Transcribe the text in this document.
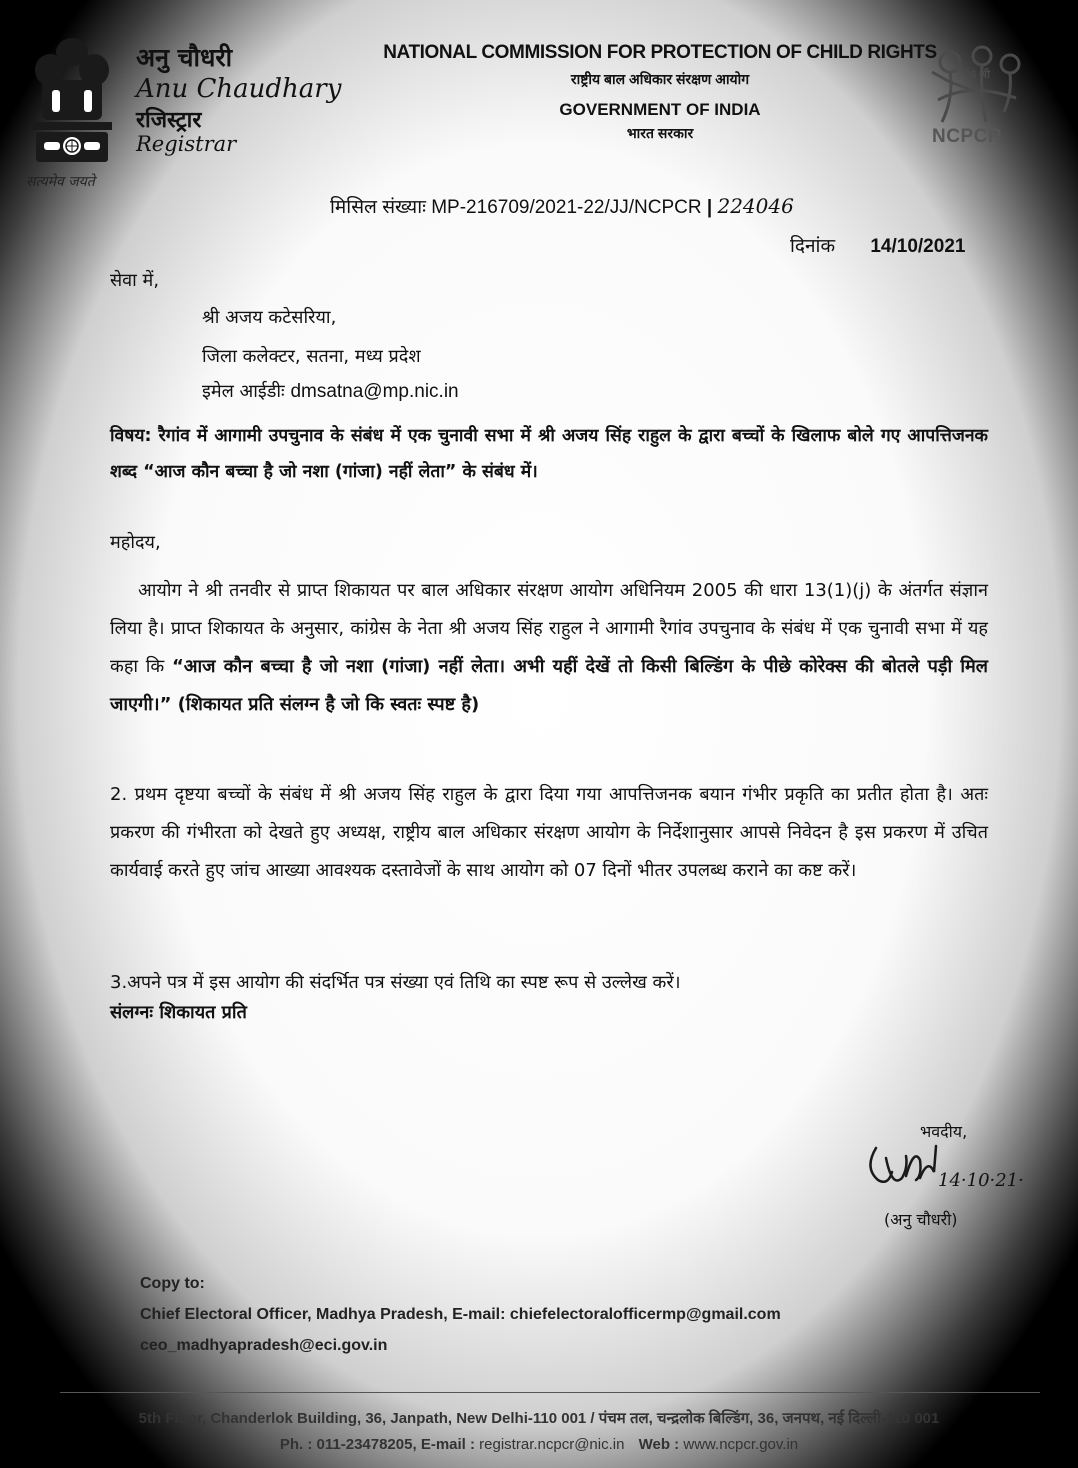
सत्यमेव जयते
अनु चौधरी
Anu Chaudhary
रजिस्ट्रार
Registrar
NATIONAL COMMISSION FOR PROTECTION OF CHILD RIGHTS
राष्ट्रीय बाल अधिकार संरक्षण आयोग
GOVERNMENT OF INDIA
भारत सरकार
36 श्री
NCPCR
मिसिल संख्याः MP-216709/2021-22/JJ/NCPCR | 224046
दिनांक 14/10/2021
सेवा में,
श्री अजय कटेसरिया,
जिला कलेक्टर, सतना, मध्य प्रदेश
इमेल आईडीः dmsatna@mp.nic.in
विषय: रैगांव में आगामी उपचुनाव के संबंध में एक चुनावी सभा में श्री अजय सिंह राहुल के द्वारा बच्चों के खिलाफ बोले गए आपत्तिजनक शब्द “आज कौन बच्चा है जो नशा (गांजा) नहीं लेता” के संबंध में।
महोदय,
आयोग ने श्री तनवीर से प्राप्त शिकायत पर बाल अधिकार संरक्षण आयोग अधिनियम 2005 की धारा 13(1)(j) के अंतर्गत संज्ञान लिया है। प्राप्त शिकायत के अनुसार, कांग्रेस के नेता श्री अजय सिंह राहुल ने आगामी रैगांव उपचुनाव के संबंध में एक चुनावी सभा में यह कहा कि “आज कौन बच्चा है जो नशा (गांजा) नहीं लेता। अभी यहीं देखें तो किसी बिल्डिंग के पीछे कोरेक्स की बोतले पड़ी मिल जाएगी।” (शिकायत प्रति संलग्न है जो कि स्वतः स्पष्ट है)
2. प्रथम दृष्टया बच्चों के संबंध में श्री अजय सिंह राहुल के द्वारा दिया गया आपत्तिजनक बयान गंभीर प्रकृति का प्रतीत होता है। अतः प्रकरण की गंभीरता को देखते हुए अध्यक्ष, राष्ट्रीय बाल अधिकार संरक्षण आयोग के निर्देशानुसार आपसे निवेदन है इस प्रकरण में उचित कार्यवाई करते हुए जांच आख्या आवश्यक दस्तावेजों के साथ आयोग को 07 दिनों भीतर उपलब्ध कराने का कष्ट करें।
3.अपने पत्र में इस आयोग की संदर्भित पत्र संख्या एवं तिथि का स्पष्ट रूप से उल्लेख करें।
संलग्नः शिकायत प्रति
भवदीय,
14·10·21·
(अनु चौधरी)
Copy to:
Chief Electoral Officer, Madhya Pradesh, E-mail: chiefelectoralofficermp@gmail.com
ceo_madhyapradesh@eci.gov.in
5th Floor, Chanderlok Building, 36, Janpath, New Delhi-110 001 / पंचम तल, चन्द्रलोक बिल्डिंग, 36, जनपथ, नई दिल्ली-110 001
Ph. : 011-23478205, E-mail : registrar.ncpcr@nic.in Web : www.ncpcr.gov.in
